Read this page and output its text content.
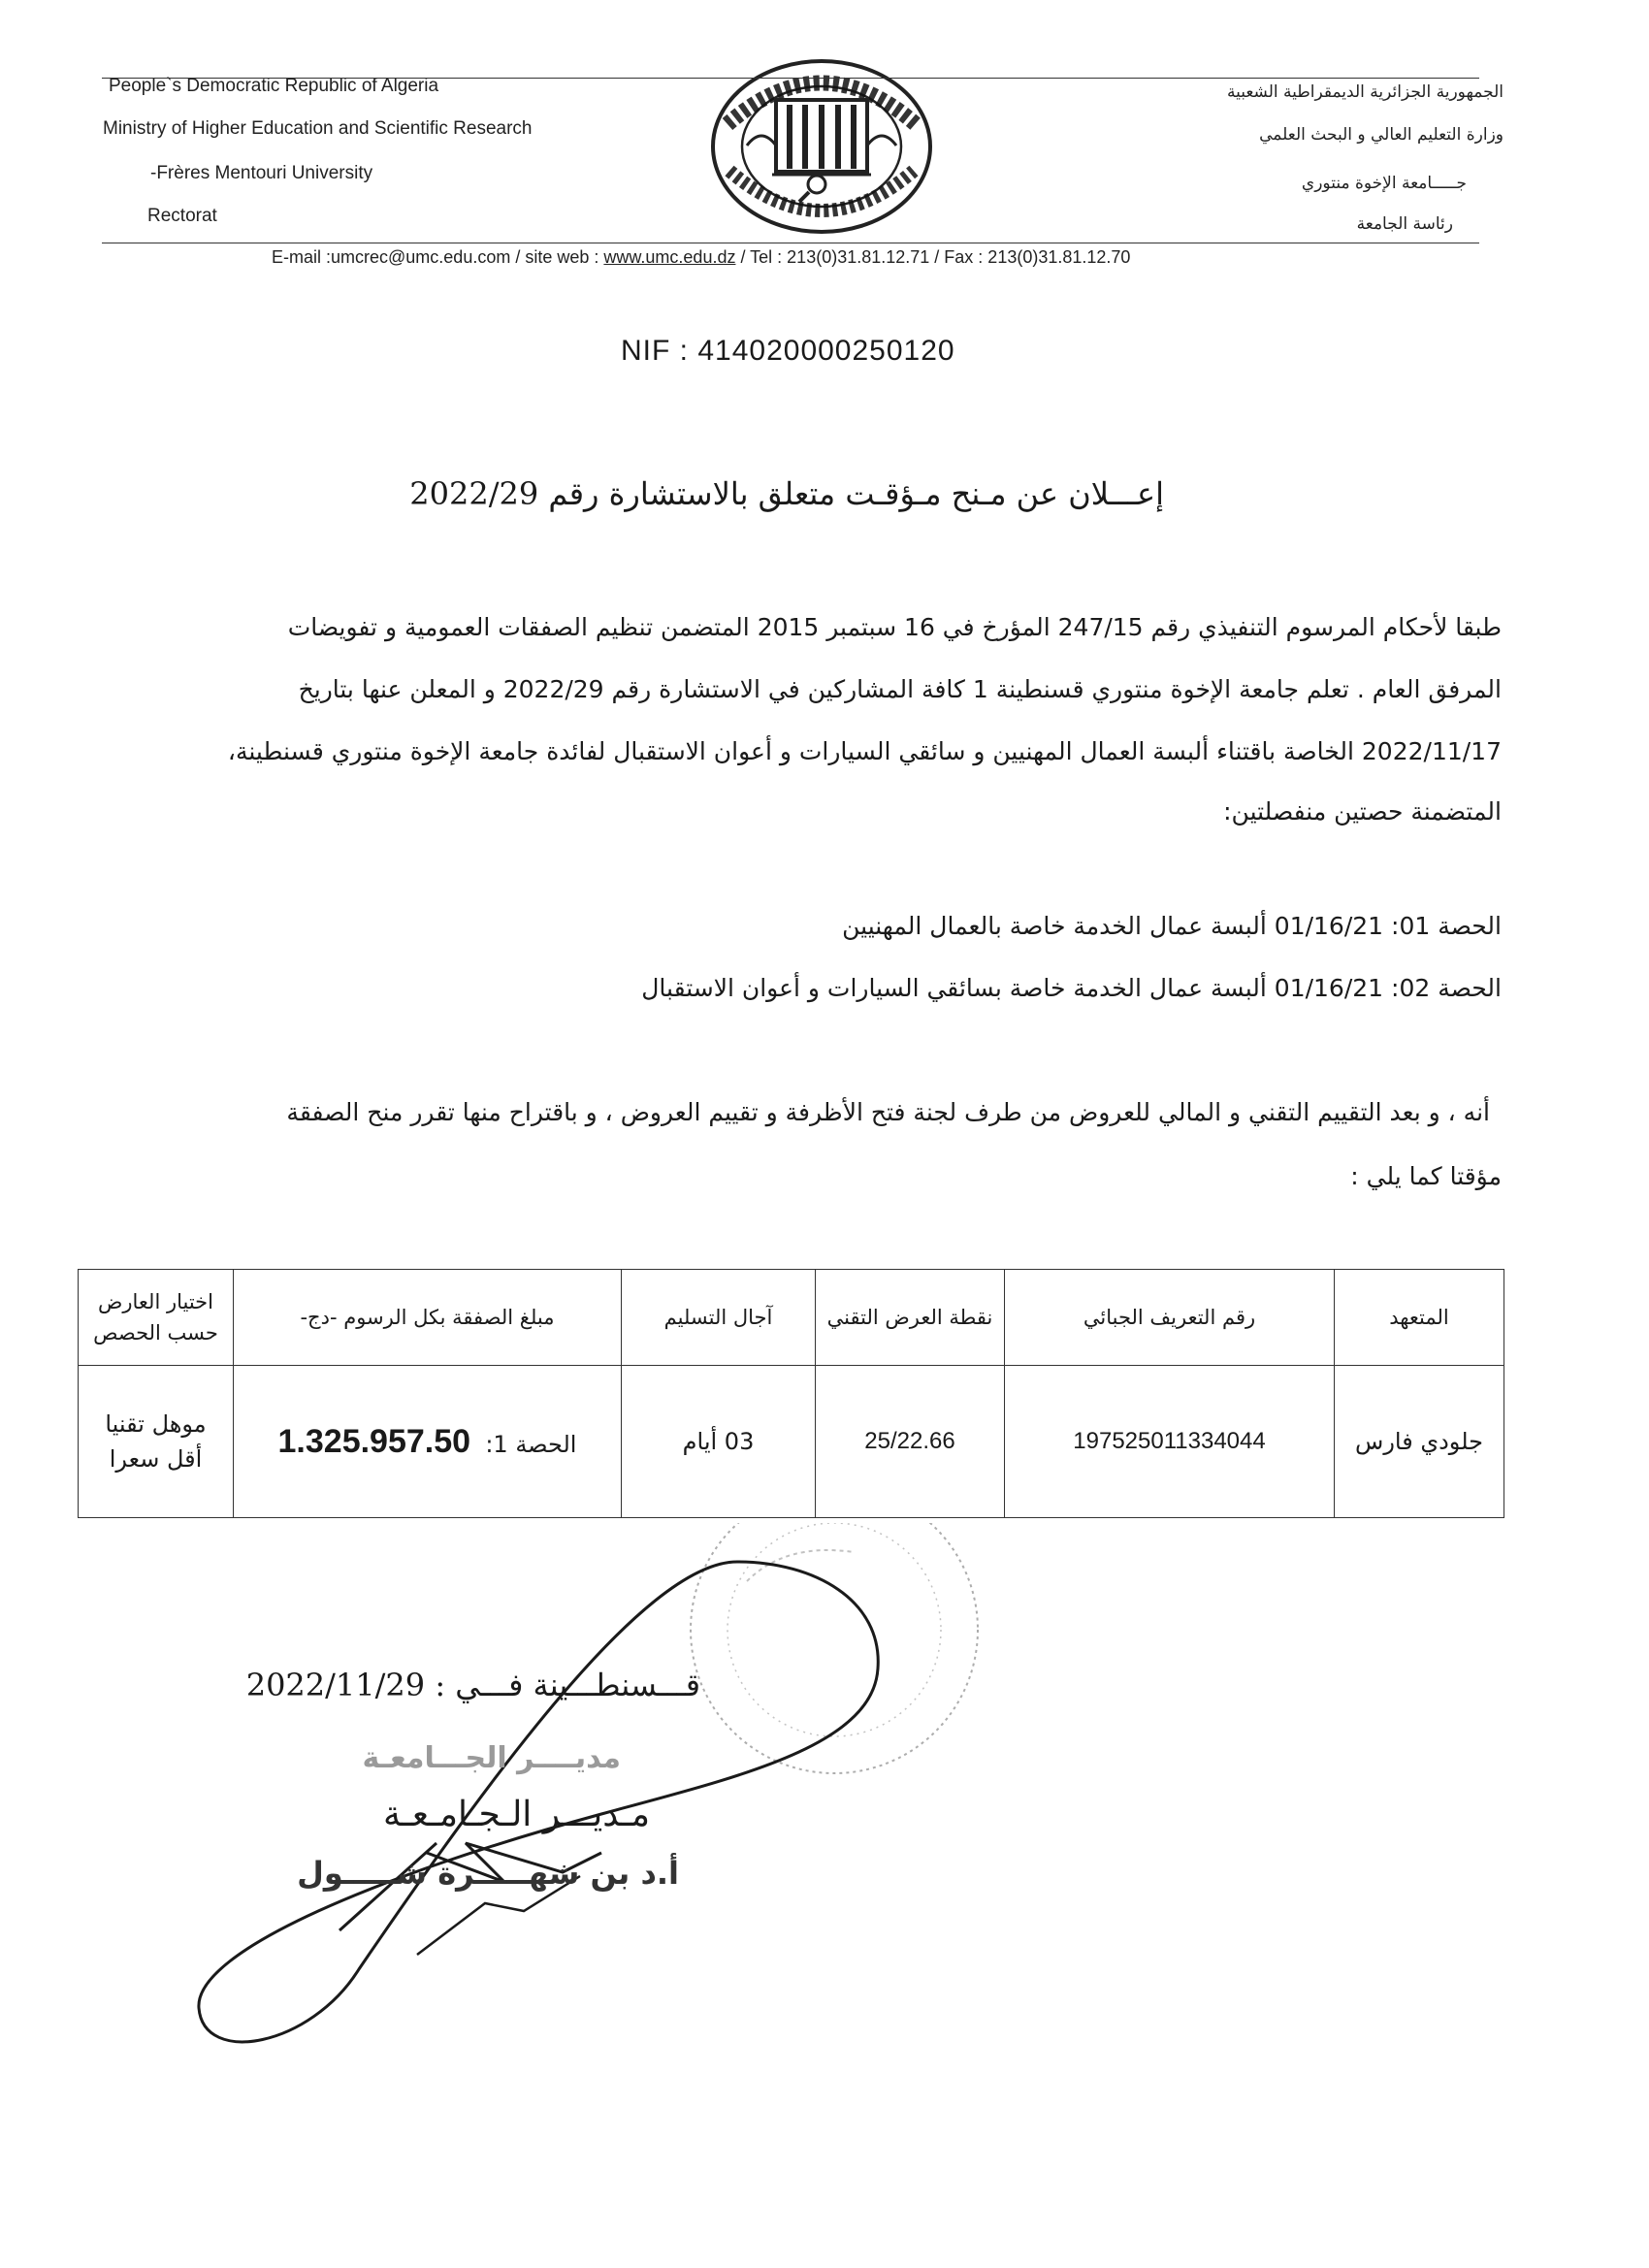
People`s Democratic Republic of Algeria
Ministry of Higher Education and Scientific Research
-Frères Mentouri University
Rectorat
الجمهورية الجزائرية الديمقراطية الشعبية
وزارة التعليم العالي و البحث العلمي
جـــــامعة الإخوة منتوري
رئاسة الجامعة
E-mail :umcrec@umc.edu.com / site web : www.umc.edu.dz / Tel : 213(0)31.81.12.71 / Fax : 213(0)31.81.12.70
NIF : 414020000250120
إعـــلان عن مـنح مـؤقـت متعلق بالاستشارة رقم 2022/29
طبقا لأحكام المرسوم التنفيذي رقم 247/15 المؤرخ في 16 سبتمبر 2015 المتضمن تنظيم الصفقات العمومية و تفويضات
المرفق العام . تعلم جامعة الإخوة منتوري قسنطينة 1 كافة المشاركين في الاستشارة رقم 2022/29 و المعلن عنها بتاريخ
2022/11/17 الخاصة باقتناء ألبسة العمال المهنيين و سائقي السيارات و أعوان الاستقبال لفائدة جامعة الإخوة منتوري قسنطينة،
المتضمنة حصتين منفصلتين:
الحصة 01: 01/16/21 ألبسة عمال الخدمة خاصة بالعمال المهنيين
الحصة 02: 01/16/21 ألبسة عمال الخدمة خاصة بسائقي السيارات و أعوان الاستقبال
أنه ، و بعد التقييم التقني و المالي للعروض من طرف لجنة فتح الأظرفة و تقييم العروض ، و باقتراح منها تقرر منح الصفقة
مؤقتا كما يلي :
المتعهد	رقم التعريف الجبائي	نقطة العرض التقني	آجال التسليم	مبلغ الصفقة بكل الرسوم -دج-	اختيار العارض حسب الحصص
جلودي فارس	197525011334044	25/22.66	03 أيام	الحصة 1:  1.325.957.50	موهل تقنيا
أقل سعرا
قـــسنطـــينة فـــي : 2022/11/29
مديــــر الجـــامعـة
مـديـــر الـجـامـعـة
أ.د بن شهـــــرة شـــــول
